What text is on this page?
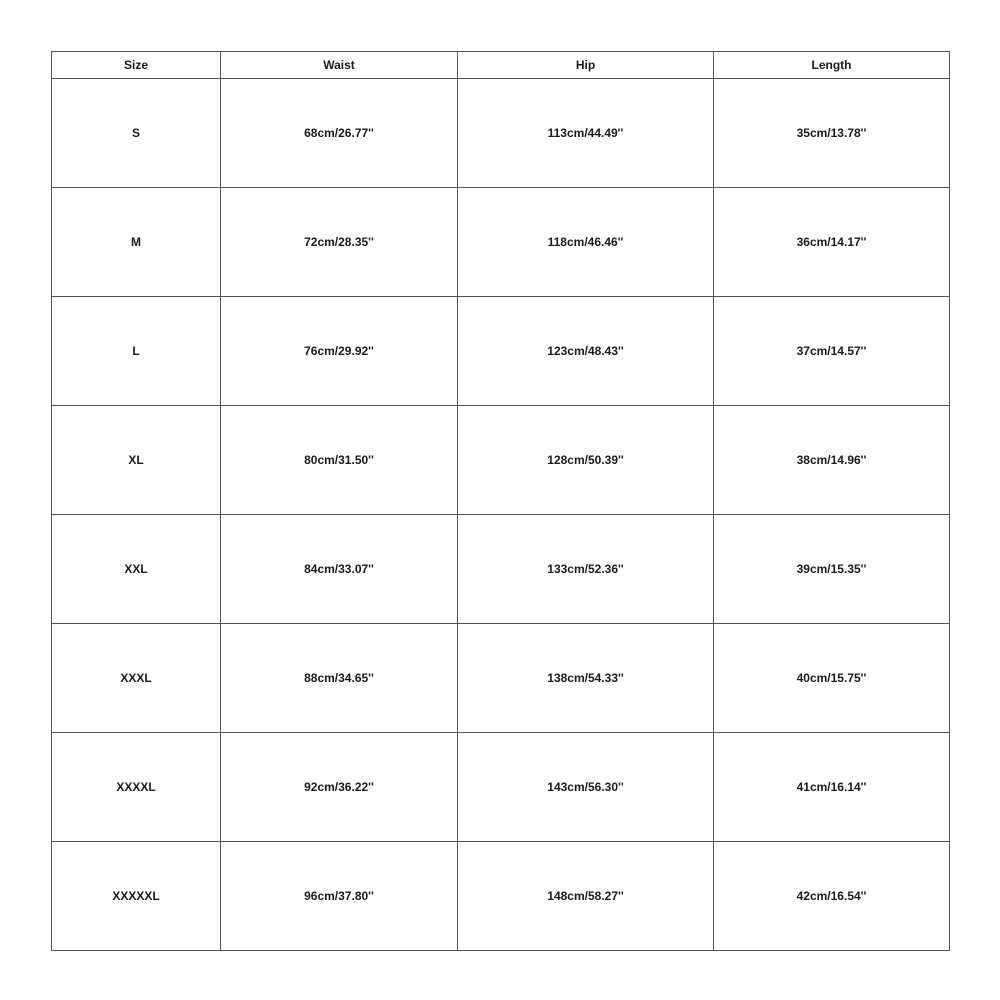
Size	Waist	Hip	Length
S	68cm/26.77''	113cm/44.49''	35cm/13.78''
M	72cm/28.35''	118cm/46.46''	36cm/14.17''
L	76cm/29.92''	123cm/48.43''	37cm/14.57''
XL	80cm/31.50''	128cm/50.39''	38cm/14.96''
XXL	84cm/33.07''	133cm/52.36''	39cm/15.35''
XXXL	88cm/34.65''	138cm/54.33''	40cm/15.75''
XXXXL	92cm/36.22''	143cm/56.30''	41cm/16.14''
XXXXXL	96cm/37.80''	148cm/58.27''	42cm/16.54''
